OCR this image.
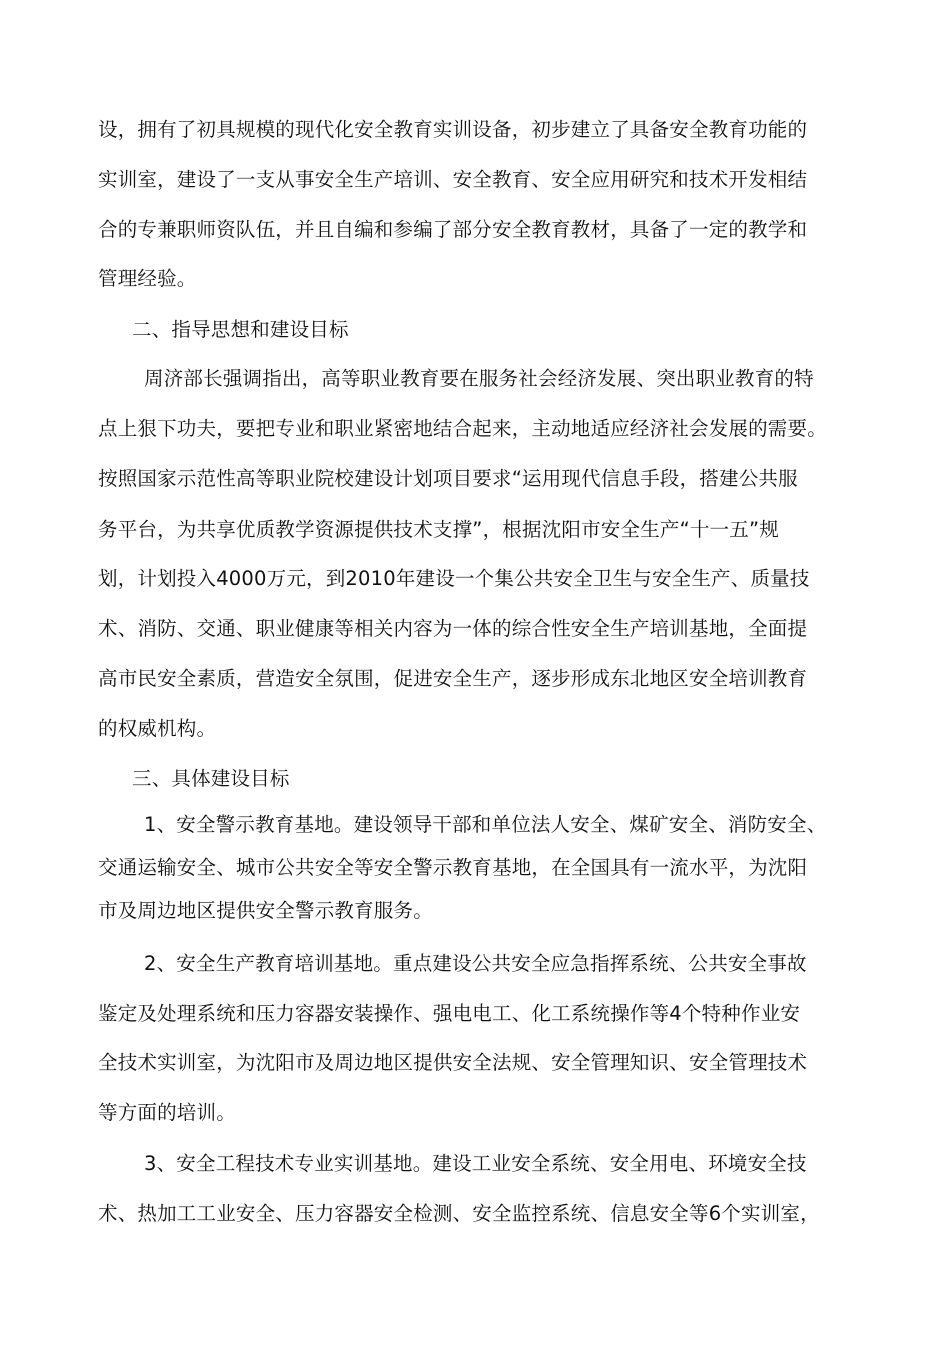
设，拥有了初具规模的现代化安全教育实训设备，初步建立了具备安全教育功能的
实训室，建设了一支从事安全生产培训、安全教育、安全应用研究和技术开发相结
合的专兼职师资队伍，并且自编和参编了部分安全教育教材，具备了一定的教学和
管理经验。
二、指导思想和建设目标
周济部长强调指出，高等职业教育要在服务社会经济发展、突出职业教育的特
点上狠下功夫，要把专业和职业紧密地结合起来，主动地适应经济社会发展的需要。
按照国家示范性高等职业院校建设计划项目要求“运用现代信息手段，搭建公共服
务平台，为共享优质教学资源提供技术支撑”，根据沈阳市安全生产“十一五”规
划，计划投入4000万元，到2010年建设一个集公共安全卫生与安全生产、质量技
术、消防、交通、职业健康等相关内容为一体的综合性安全生产培训基地，全面提
高市民安全素质，营造安全氛围，促进安全生产，逐步形成东北地区安全培训教育
的权威机构。
三、具体建设目标
1、安全警示教育基地。建设领导干部和单位法人安全、煤矿安全、消防安全、
交通运输安全、城市公共安全等安全警示教育基地，在全国具有一流水平，为沈阳
市及周边地区提供安全警示教育服务。
2、安全生产教育培训基地。重点建设公共安全应急指挥系统、公共安全事故
鉴定及处理系统和压力容器安装操作、强电电工、化工系统操作等4个特种作业安
全技术实训室，为沈阳市及周边地区提供安全法规、安全管理知识、安全管理技术
等方面的培训。
3、安全工程技术专业实训基地。建设工业安全系统、安全用电、环境安全技
术、热加工工业安全、压力容器安全检测、安全监控系统、信息安全等6个实训室，
